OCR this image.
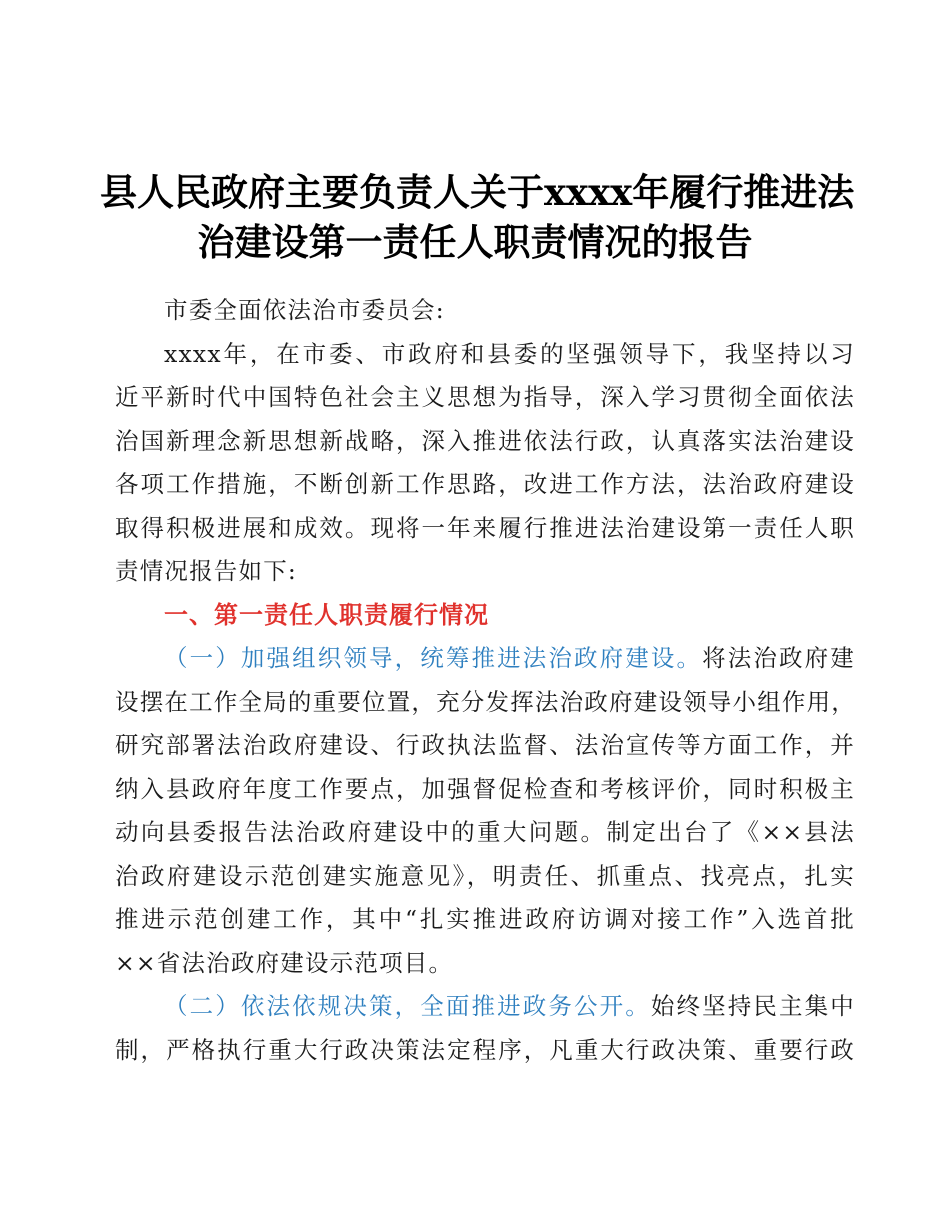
县人民政府主要负责人关于xxxx年履行推进法
治建设第一责任人职责情况的报告
市委全面依法治市委员会:
xxxx年，在市委、市政府和县委的坚强领导下，我坚持以习
近平新时代中国特色社会主义思想为指导，深入学习贯彻全面依法
治国新理念新思想新战略，深入推进依法行政，认真落实法治建设
各项工作措施，不断创新工作思路，改进工作方法，法治政府建设
取得积极进展和成效。现将一年来履行推进法治建设第一责任人职
责情况报告如下:
一、第一责任人职责履行情况
（一）加强组织领导，统筹推进法治政府建设。将法治政府建
设摆在工作全局的重要位置，充分发挥法治政府建设领导小组作用，
研究部署法治政府建设、行政执法监督、法治宣传等方面工作，并
纳入县政府年度工作要点，加强督促检查和考核评价，同时积极主
动向县委报告法治政府建设中的重大问题。制定出台了《××县法
治政府建设示范创建实施意见》，明责任、抓重点、找亮点，扎实
推进示范创建工作，其中“扎实推进政府访调对接工作”入选首批
××省法治政府建设示范项目。
（二）依法依规决策，全面推进政务公开。始终坚持民主集中
制，严格执行重大行政决策法定程序，凡重大行政决策、重要行政
